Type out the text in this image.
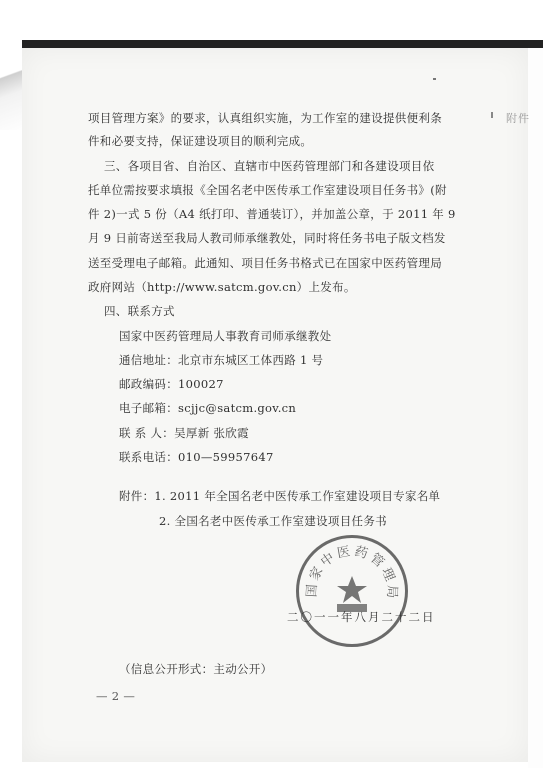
附件
项目管理方案》的要求，认真组织实施，为工作室的建设提供便利条
件和必要支持，保证建设项目的顺利完成。
三、各项目省、自治区、直辖市中医药管理部门和各建设项目依
托单位需按要求填报《全国名老中医传承工作室建设项目任务书》(附
件 2)一式 5 份（A4 纸打印、普通装订），并加盖公章，于 2011 年 9
月 9 日前寄送至我局人教司师承继教处，同时将任务书电子版文档发
送至受理电子邮箱。此通知、项目任务书格式已在国家中医药管理局
政府网站（http://www.satcm.gov.cn）上发布。
四、联系方式
国家中医药管理局人事教育司师承继教处
通信地址：北京市东城区工体西路 1 号
邮政编码：100027
电子邮箱：scjjc@satcm.gov.cn
联 系 人：吴厚新 张欣霞
联系电话：010—59957647
附件：1. 2011 年全国名老中医传承工作室建设项目专家名单
2. 全国名老中医传承工作室建设项目任务书
国家中医药管理局
二〇一一年八月二十二日
（信息公开形式：主动公开）
— 2 —
